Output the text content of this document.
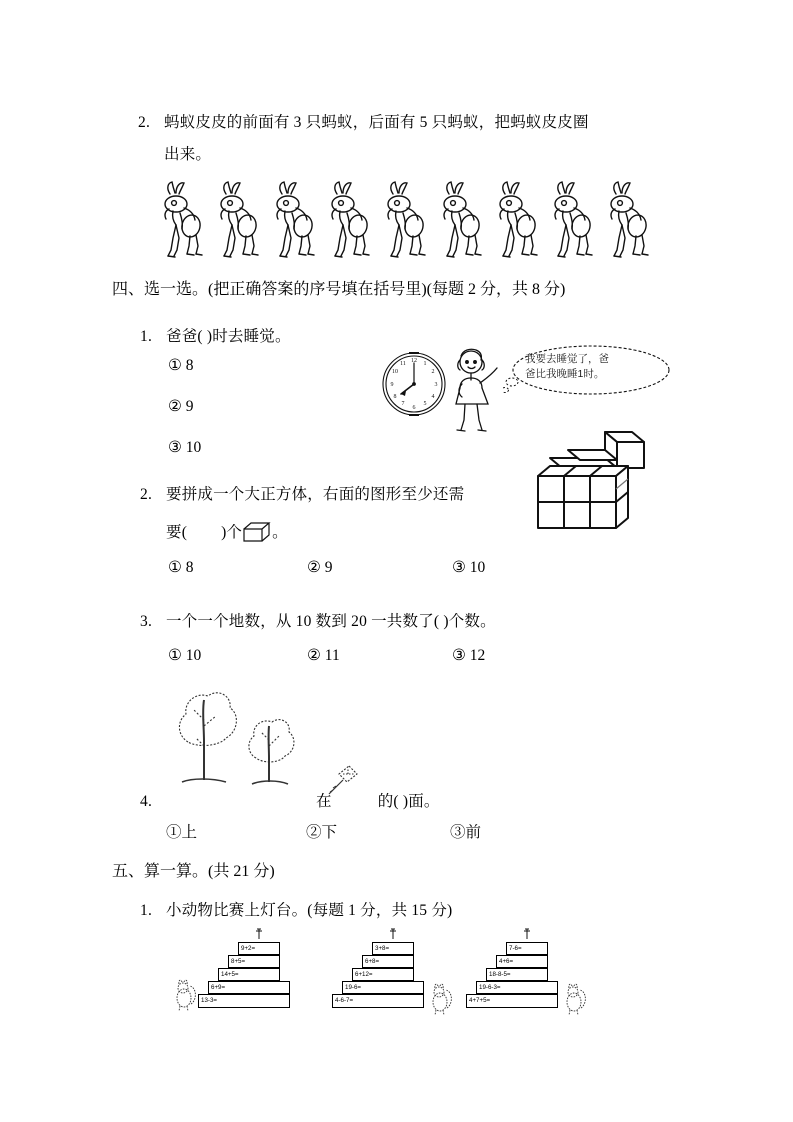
2. 蚂蚁皮皮的前面有 3 只蚂蚁，后面有 5 只蚂蚁，把蚂蚁皮皮圈
出来。
四、选一选。(把正确答案的序号填在括号里)(每题 2 分，共 8 分)
1. 爸爸( )时去睡觉。
① 8
② 9
③ 10
12 1
2
3
4
5
6
7
8
9
10
11	我要去睡觉了，爸
爸比我晚睡1时。
2. 要拼成一个大正方体，右面的图形至少还需
要( )个 。
① 8	② 9	③ 10
3. 一个一个地数，从 10 数到 20 一共数了( )个数。
① 10	② 11	③ 12
4.	在	的( )面。
①上	②下	③前
五、算一算。(共 21 分)
1. 小动物比赛上灯台。(每题 1 分，共 15 分)
9+2=
8+5=
14+5=
6+9=
13-3=
3+8=
6+8=
6+12=
19-6=
4-6-7=
7-6=
4+6=
18-8-5=
19-6-3=
4+7+5=
